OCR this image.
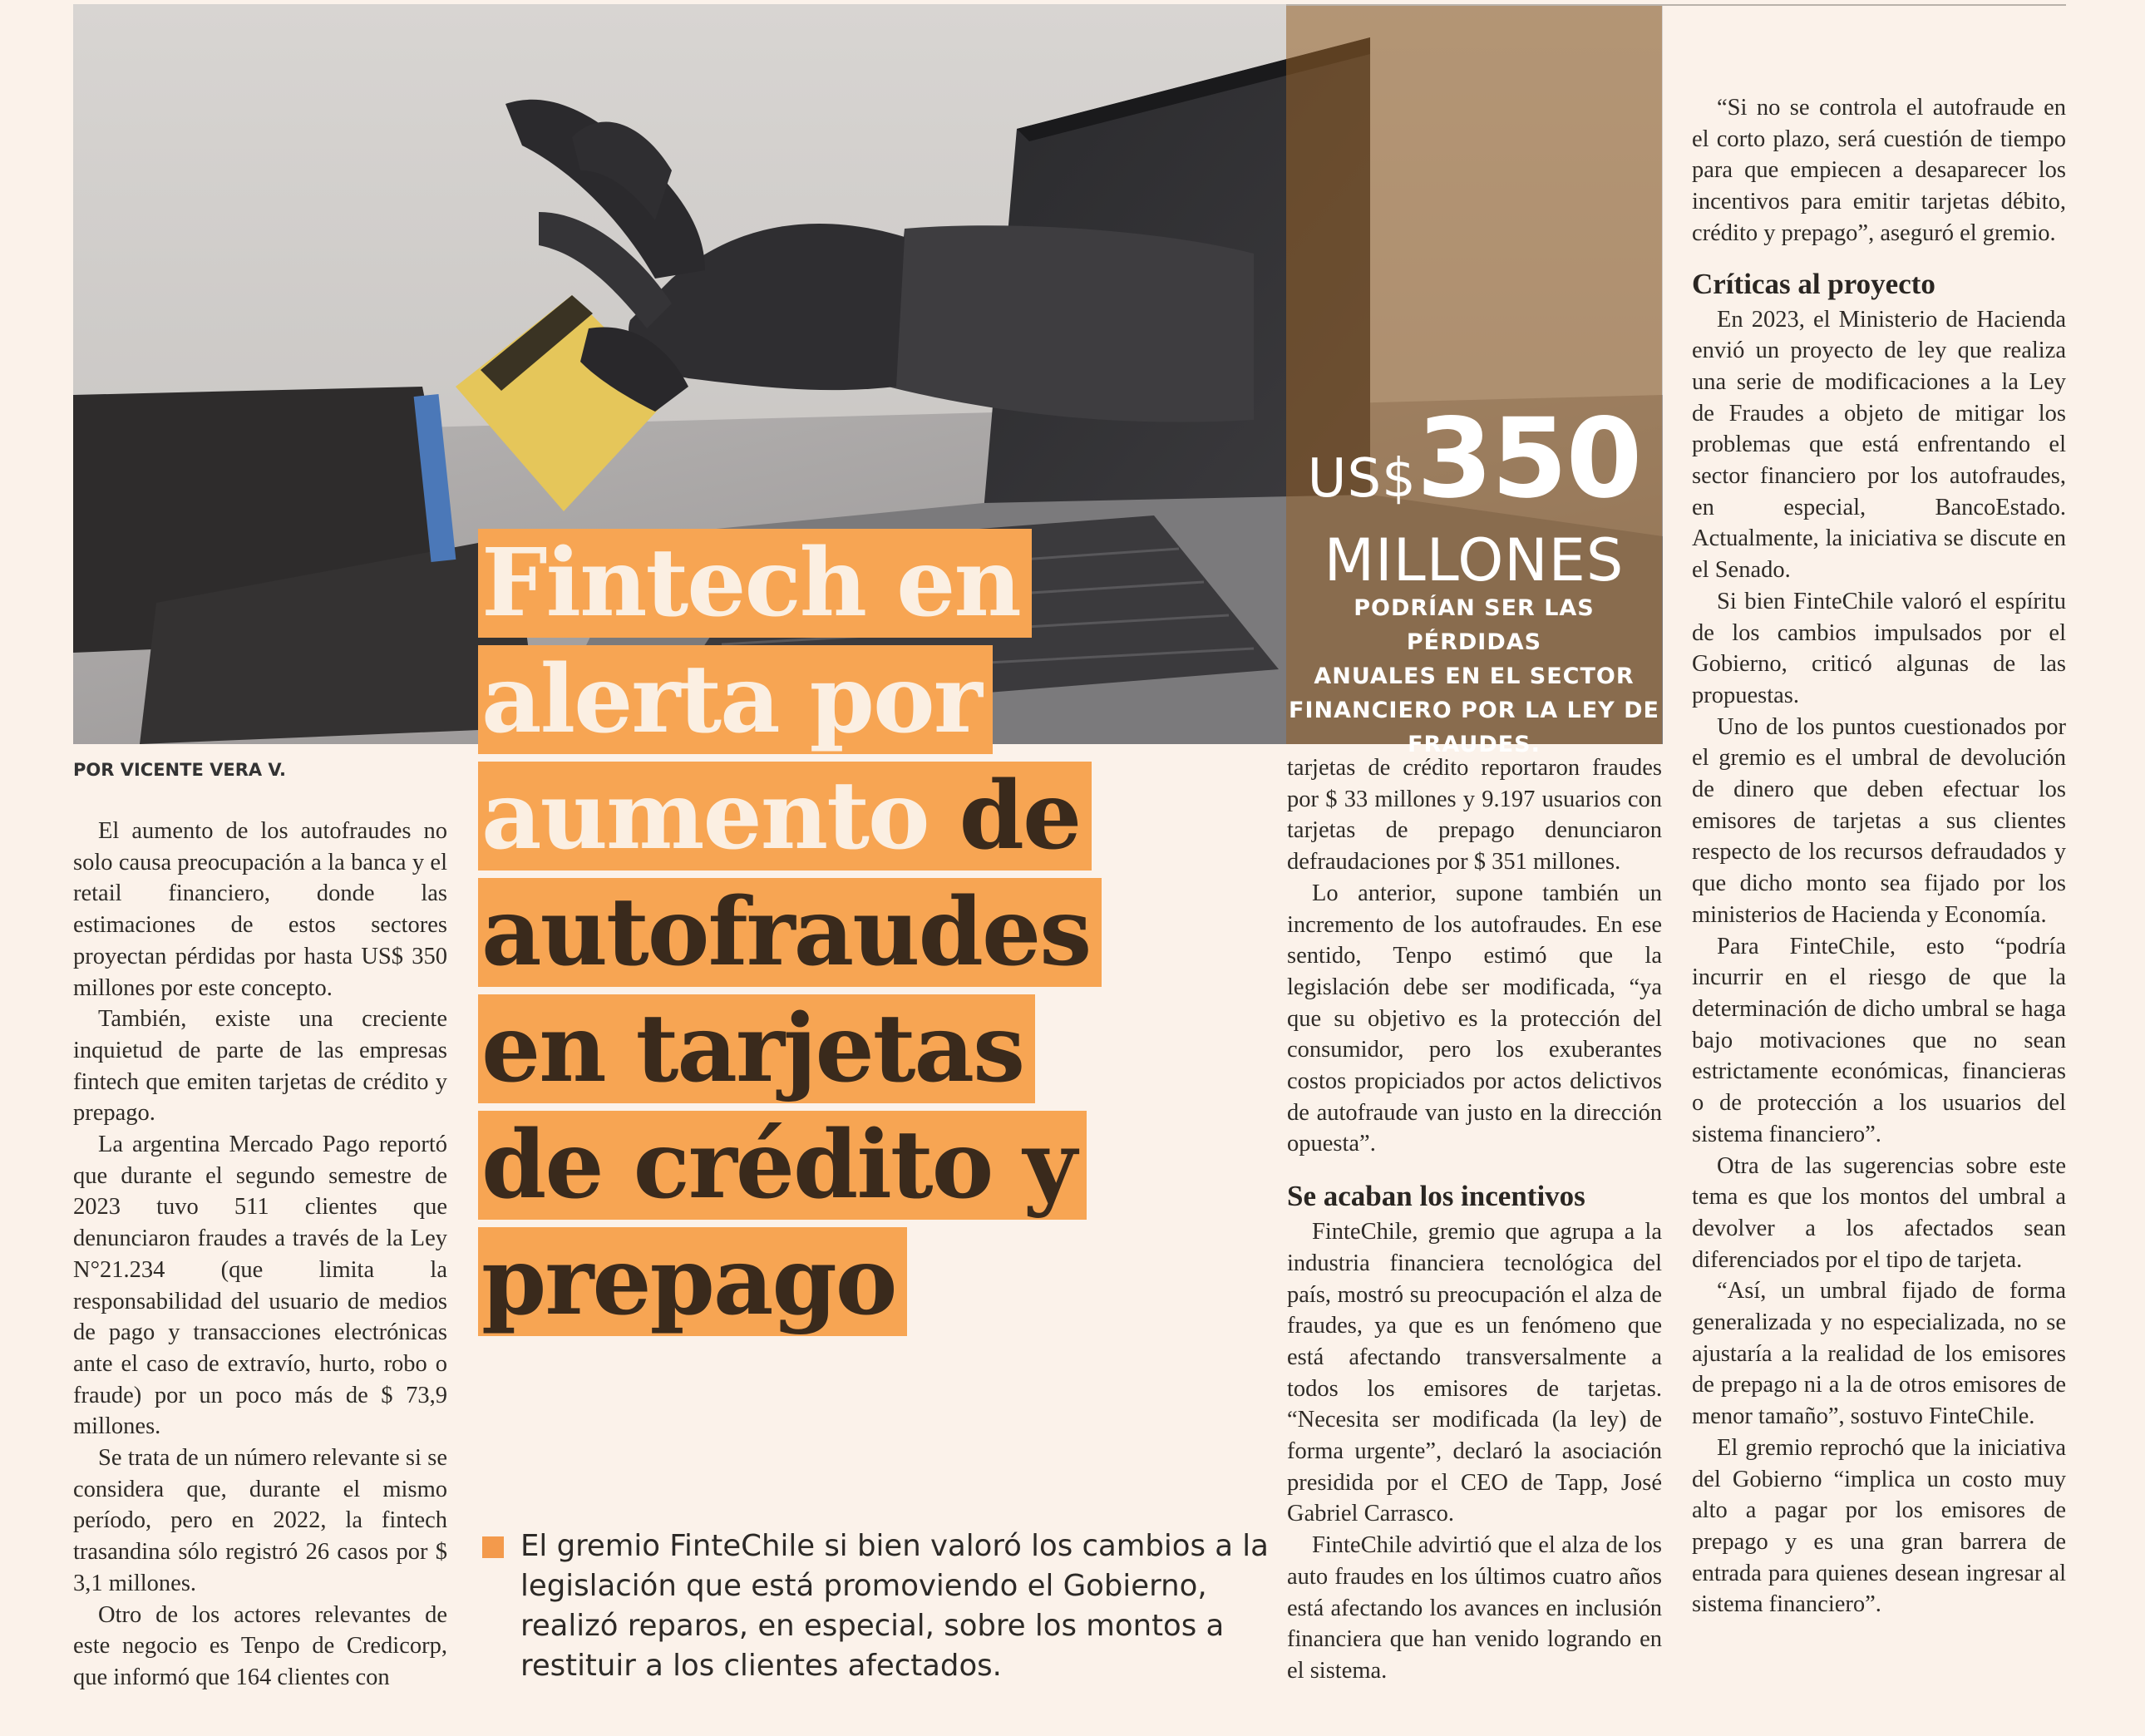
US$350
MILLONES
PODRÍAN SER LAS PÉRDIDAS
ANUALES EN EL SECTOR
FINANCIERO POR LA LEY DE
FRAUDES.
Fintech en
alerta por
aumento de
autofraudes
en tarjetas
de crédito y
prepago
POR VICENTE VERA V.

El aumento de los autofraudes no solo causa preocupación a la banca y el retail financiero, donde las estimaciones de estos sectores proyectan pérdidas por hasta US$ 350 millones por este concepto.

También, existe una creciente inquietud de parte de las empresas fintech que emiten tarjetas de crédito y prepago.

La argentina Mercado Pago reportó que durante el segundo semestre de 2023 tuvo 511 clientes que denunciaron fraudes a través de la Ley N°21.234 (que limita la responsabilidad del usuario de medios de pago y transacciones electrónicas ante el caso de extravío, hurto, robo o fraude) por un poco más de $ 73,9 millones.

Se trata de un número relevante si se considera que, durante el mismo período, pero en 2022, la fintech trasandina sólo registró 26 casos por $ 3,1 millones.

Otro de los actores relevantes de este negocio es Tenpo de Credicorp, que informó que 164 clientes con

El gremio FinteChile si bien valoró los cambios a la legislación que está promoviendo el Gobierno, realizó reparos, en especial, sobre los montos a restituir a los clientes afectados.

tarjetas de crédito reportaron fraudes por $ 33 millones y 9.197 usuarios con tarjetas de prepago denunciaron defraudaciones por $ 351 millones.

Lo anterior, supone también un incremento de los autofraudes. En ese sentido, Tenpo estimó que la legislación debe ser modificada, “ya que su objetivo es la protección del consumidor, pero los exuberantes costos propiciados por actos delictivos de autofraude van justo en la dirección opuesta”.

Se acaban los incentivos

FinteChile, gremio que agrupa a la industria financiera tecnológica del país, mostró su preocupación el alza de fraudes, ya que es un fenómeno que está afectando transversalmente a todos los emisores de tarjetas. “Necesita ser modificada (la ley) de forma urgente”, declaró la asociación presidida por el CEO de Tapp, José Gabriel Carrasco.

FinteChile advirtió que el alza de los auto fraudes en los últimos cuatro años está afectando los avances en inclusión financiera que han venido logrando en el sistema.

“Si no se controla el autofraude en el corto plazo, será cuestión de tiempo para que empiecen a desaparecer los incentivos para emitir tarjetas débito, crédito y prepago”, aseguró el gremio.

Críticas al proyecto

En 2023, el Ministerio de Hacienda envió un proyecto de ley que realiza una serie de modificaciones a la Ley de Fraudes a objeto de mitigar los problemas que está enfrentando el sector financiero por los autofraudes, en especial, BancoEstado. Actualmente, la iniciativa se discute en el Senado.

Si bien FinteChile valoró el espíritu de los cambios impulsados por el Gobierno, criticó algunas de las propuestas.

Uno de los puntos cuestionados por el gremio es el umbral de devolución de dinero que deben efectuar los emisores de tarjetas a sus clientes respecto de los recursos defraudados y que dicho monto sea fijado por los ministerios de Hacienda y Economía.

Para FinteChile, esto “podría incurrir en el riesgo de que la determinación de dicho umbral se haga bajo motivaciones que no sean estrictamente económicas, financieras o de protección a los usuarios del sistema financiero”.

Otra de las sugerencias sobre este tema es que los montos del umbral a devolver a los afectados sean diferenciados por el tipo de tarjeta.

“Así, un umbral fijado de forma generalizada y no especializada, no se ajustaría a la realidad de los emisores de prepago ni a la de otros emisores de menor tamaño”, sostuvo FinteChile.

El gremio reprochó que la iniciativa del Gobierno “implica un costo muy alto a pagar por los emisores de prepago y es una gran barrera de entrada para quienes desean ingresar al sistema financiero”.
